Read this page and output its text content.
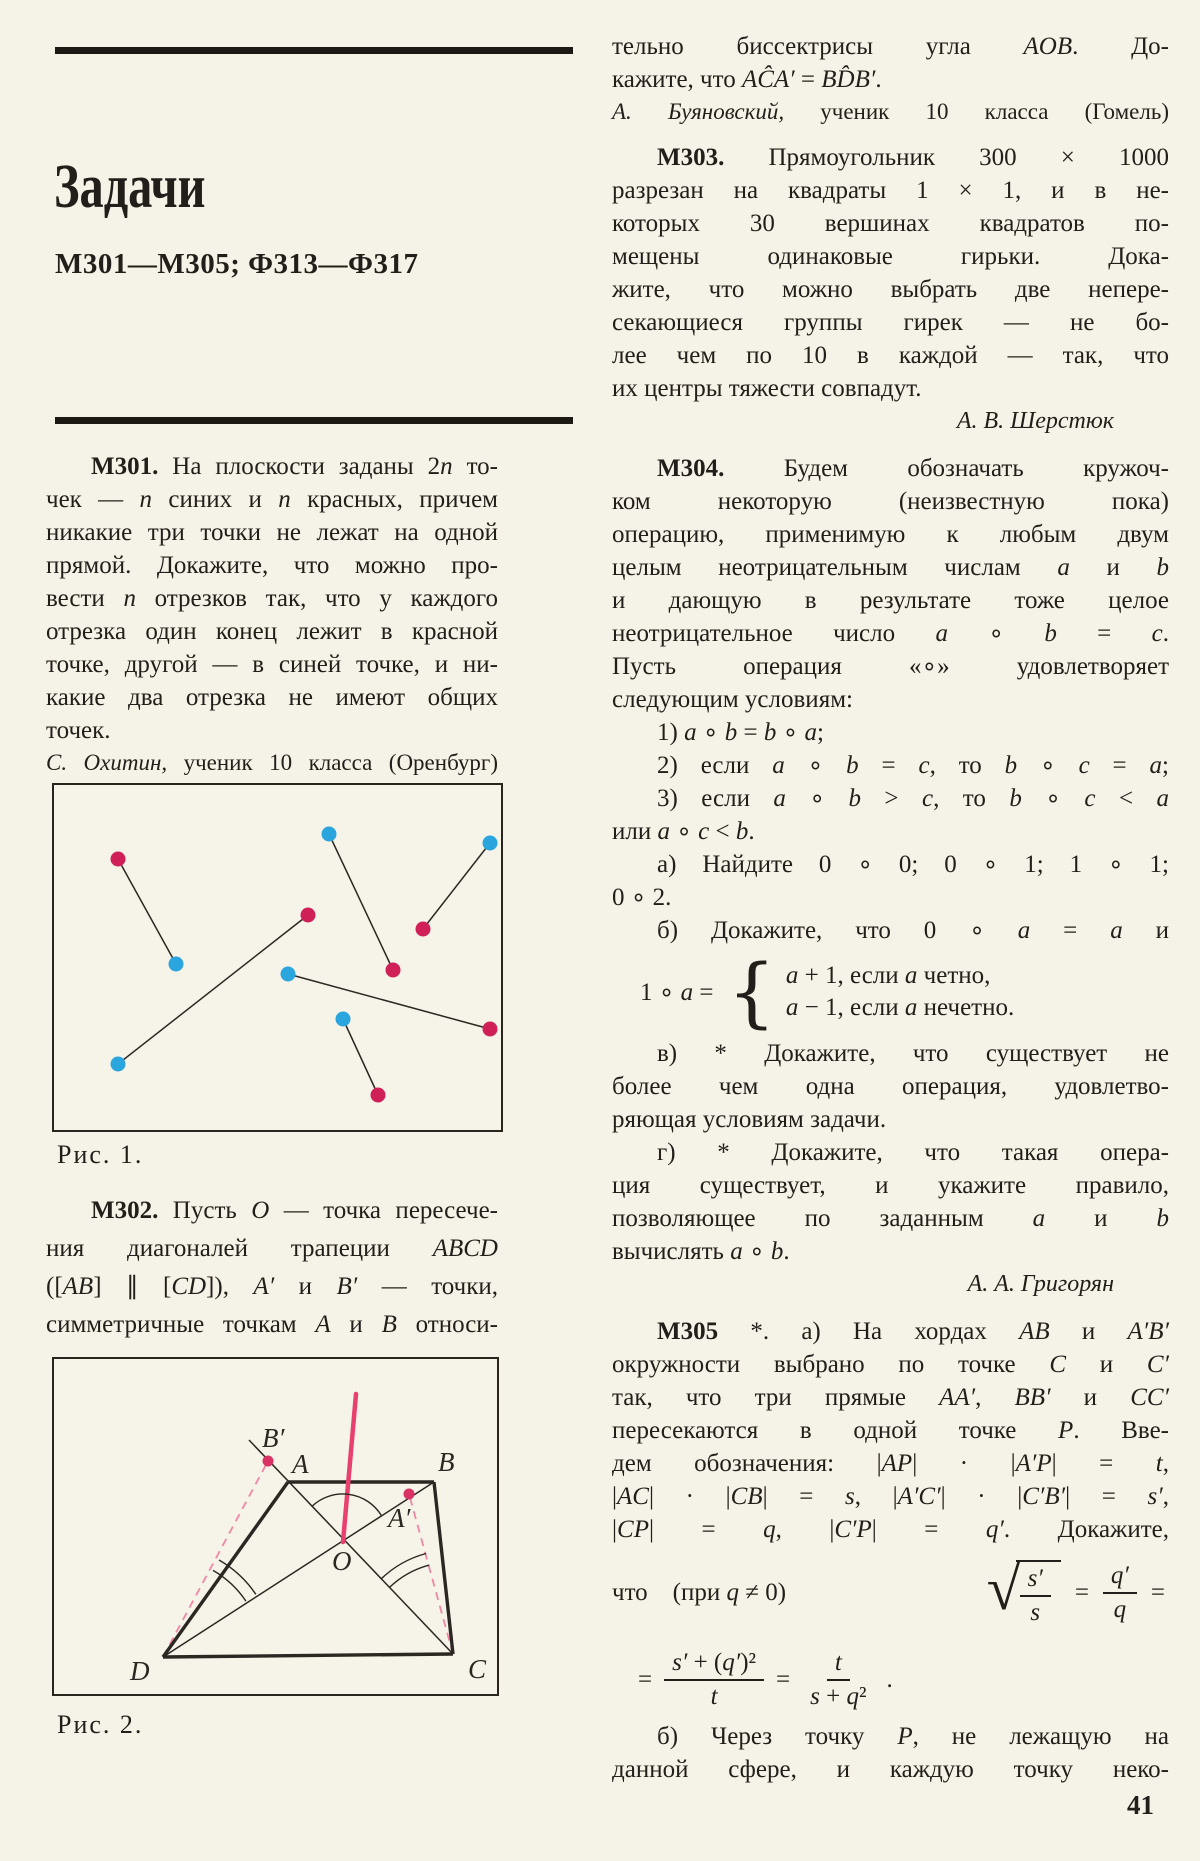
Задачи
М301—М305; Ф313—Ф317
М301. На плоскости заданы 2n то-
чек — n синих и n красных, причем
никакие три точки не лежат на одной
прямой. Докажите, что можно про-
вести n отрезков так, что у каждого
отрезка один конец лежит в красной
точке, другой — в синей точке, и ни-
какие два отрезка не имеют общих
точек.
С. Охитин, ученик 10 класса (Оренбург)
Рис. 1.
М302. Пусть О — точка пересече-
ния диагоналей трапеции ABCD
([AB] ∥ [CD]), A′ и B′ — точки,
симметричные точкам A и B относи-
B′
A	B
A′
O
D	C
Рис. 2.
тельно биссектрисы угла AOB. До-
кажите, что AĈA′ = BD̂B′.
А. Буяновский, ученик 10 класса (Гомель)
М303. Прямоугольник 300 × 1000
разрезан на квадраты 1 × 1, и в не-
которых 30 вершинах квадратов по-
мещены одинаковые гирьки. Дока-
жите, что можно выбрать две непере-
секающиеся группы гирек — не бо-
лее чем по 10 в каждой — так, что
их центры тяжести совпадут.
А. В. Шерстюк
М304. Будем обозначать кружоч-
ком некоторую (неизвестную пока)
операцию, применимую к любым двум
целым неотрицательным числам a и b
и дающую в результате тоже целое
неотрицательное число a ∘ b = c.
Пусть операция «∘» удовлетворяет
следующим условиям:
1) a ∘ b = b ∘ a;
2) если a ∘ b = c, то b ∘ c = a;
3) если a ∘ b > c, то b ∘ c < a
или a ∘ c < b.
а) Найдите 0 ∘ 0; 0 ∘ 1; 1 ∘ 1;
0 ∘ 2.
б) Докажите, что 0 ∘ a = a и
1 ∘ a = { a + 1, если a четно,
a − 1, если a нечетно.
в) * Докажите, что существует не
более чем одна операция, удовлетво-
ряющая условиям задачи.
г) * Докажите, что такая опера-
ция существует, и укажите правило,
позволяющее по заданным a и b
вычислять a ∘ b.
А. А. Григорян
М305 *. а) На хордах AB и A′B′
окружности выбрано по точке C и C′
так, что три прямые AA′, BB′ и CC′
пересекаются в одной точке P. Вве-
дем обозначения: |AP| · |A′P| = t,
|AC| · |CB| = s, |A′C′| · |C′B′| = s′,
|CP| = q, |C′P| = q′. Докажите,
что    (при q ≠ 0)	√ $\frac{s'}{s} = \frac{q'}{q}$ =
= $\frac{\text{s′ + (q′)²}}{t} = \frac{t}{\text{s + q²}}$ .
б) Через точку P, не лежащую на
данной сфере, и каждую точку неко-
41
